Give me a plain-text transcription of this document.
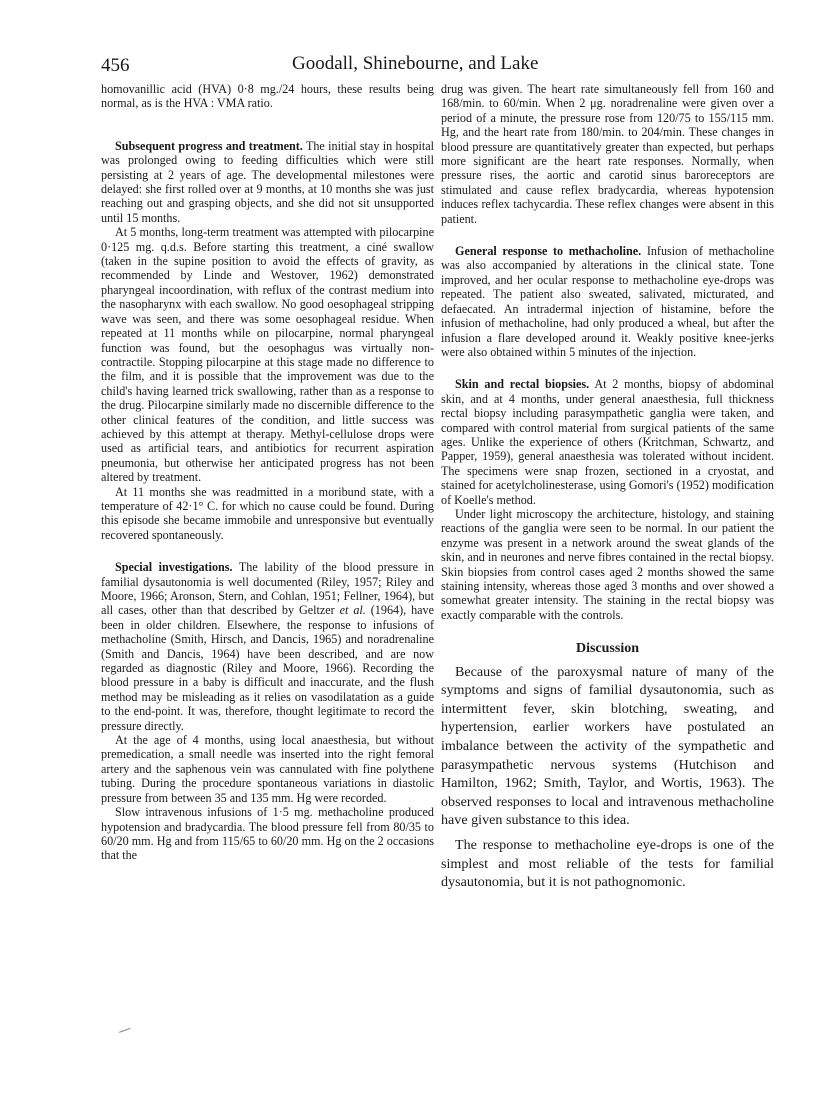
456	Goodall, Shinebourne, and Lake

homovanillic acid (HVA) 0·8 mg./24 hours, these results being normal, as is the HVA : VMA ratio.

Subsequent progress and treatment. The initial stay in hospital was prolonged owing to feeding difficulties which were still persisting at 2 years of age. The developmental milestones were delayed: she first rolled over at 9 months, at 10 months she was just reaching out and grasping objects, and she did not sit unsupported until 15 months.

At 5 months, long-term treatment was attempted with pilocarpine 0·125 mg. q.d.s. Before starting this treatment, a ciné swallow (taken in the supine position to avoid the effects of gravity, as recommended by Linde and Westover, 1962) demonstrated pharyngeal incoordination, with reflux of the contrast medium into the nasopharynx with each swallow. No good oesophageal stripping wave was seen, and there was some oesophageal residue. When repeated at 11 months while on pilocarpine, normal pharyngeal function was found, but the oesophagus was virtually non-contractile. Stopping pilocarpine at this stage made no difference to the film, and it is possible that the improvement was due to the child's having learned trick swallowing, rather than as a response to the drug. Pilocarpine similarly made no discernible difference to the other clinical features of the condition, and little success was achieved by this attempt at therapy. Methyl-cellulose drops were used as artificial tears, and antibiotics for recurrent aspiration pneumonia, but otherwise her anticipated progress has not been altered by treatment.

At 11 months she was readmitted in a moribund state, with a temperature of 42·1° C. for which no cause could be found. During this episode she became immobile and unresponsive but eventually recovered spontaneously.

Special investigations. The lability of the blood pressure in familial dysautonomia is well documented (Riley, 1957; Riley and Moore, 1966; Aronson, Stern, and Cohlan, 1951; Fellner, 1964), but all cases, other than that described by Geltzer et al. (1964), have been in older children. Elsewhere, the response to infusions of methacholine (Smith, Hirsch, and Dancis, 1965) and noradrenaline (Smith and Dancis, 1964) have been described, and are now regarded as diagnostic (Riley and Moore, 1966). Recording the blood pressure in a baby is difficult and inaccurate, and the flush method may be misleading as it relies on vasodilatation as a guide to the end-point. It was, therefore, thought legitimate to record the pressure directly.

At the age of 4 months, using local anaesthesia, but without premedication, a small needle was inserted into the right femoral artery and the saphenous vein was cannulated with fine polythene tubing. During the procedure spontaneous variations in diastolic pressure from between 35 and 135 mm. Hg were recorded.

Slow intravenous infusions of 1·5 mg. methacholine produced hypotension and bradycardia. The blood pressure fell from 80/35 to 60/20 mm. Hg and from 115/65 to 60/20 mm. Hg on the 2 occasions that the

drug was given. The heart rate simultaneously fell from 160 and 168/min. to 60/min. When 2 μg. noradrenaline were given over a period of a minute, the pressure rose from 120/75 to 155/115 mm. Hg, and the heart rate from 180/min. to 204/min. These changes in blood pressure are quantitatively greater than expected, but perhaps more significant are the heart rate responses. Normally, when pressure rises, the aortic and carotid sinus baroreceptors are stimulated and cause reflex bradycardia, whereas hypotension induces reflex tachycardia. These reflex changes were absent in this patient.

General response to methacholine. Infusion of methacholine was also accompanied by alterations in the clinical state. Tone improved, and her ocular response to methacholine eye-drops was repeated. The patient also sweated, salivated, micturated, and defaecated. An intradermal injection of histamine, before the infusion of methacholine, had only produced a wheal, but after the infusion a flare developed around it. Weakly positive knee-jerks were also obtained within 5 minutes of the injection.

Skin and rectal biopsies. At 2 months, biopsy of abdominal skin, and at 4 months, under general anaesthesia, full thickness rectal biopsy including parasympathetic ganglia were taken, and compared with control material from surgical patients of the same ages. Unlike the experience of others (Kritchman, Schwartz, and Papper, 1959), general anaesthesia was tolerated without incident. The specimens were snap frozen, sectioned in a cryostat, and stained for acetylcholinesterase, using Gomori's (1952) modification of Koelle's method.

Under light microscopy the architecture, histology, and staining reactions of the ganglia were seen to be normal. In our patient the enzyme was present in a network around the sweat glands of the skin, and in neurones and nerve fibres contained in the rectal biopsy. Skin biopsies from control cases aged 2 months showed the same staining intensity, whereas those aged 3 months and over showed a somewhat greater intensity. The staining in the rectal biopsy was exactly comparable with the controls.

Discussion

Because of the paroxysmal nature of many of the symptoms and signs of familial dysautonomia, such as intermittent fever, skin blotching, sweating, and hypertension, earlier workers have postulated an imbalance between the activity of the sympathetic and parasympathetic nervous systems (Hutchison and Hamilton, 1962; Smith, Taylor, and Wortis, 1963). The observed responses to local and intravenous methacholine have given substance to this idea.

The response to methacholine eye-drops is one of the simplest and most reliable of the tests for familial dysautonomia, but it is not pathognomonic.
